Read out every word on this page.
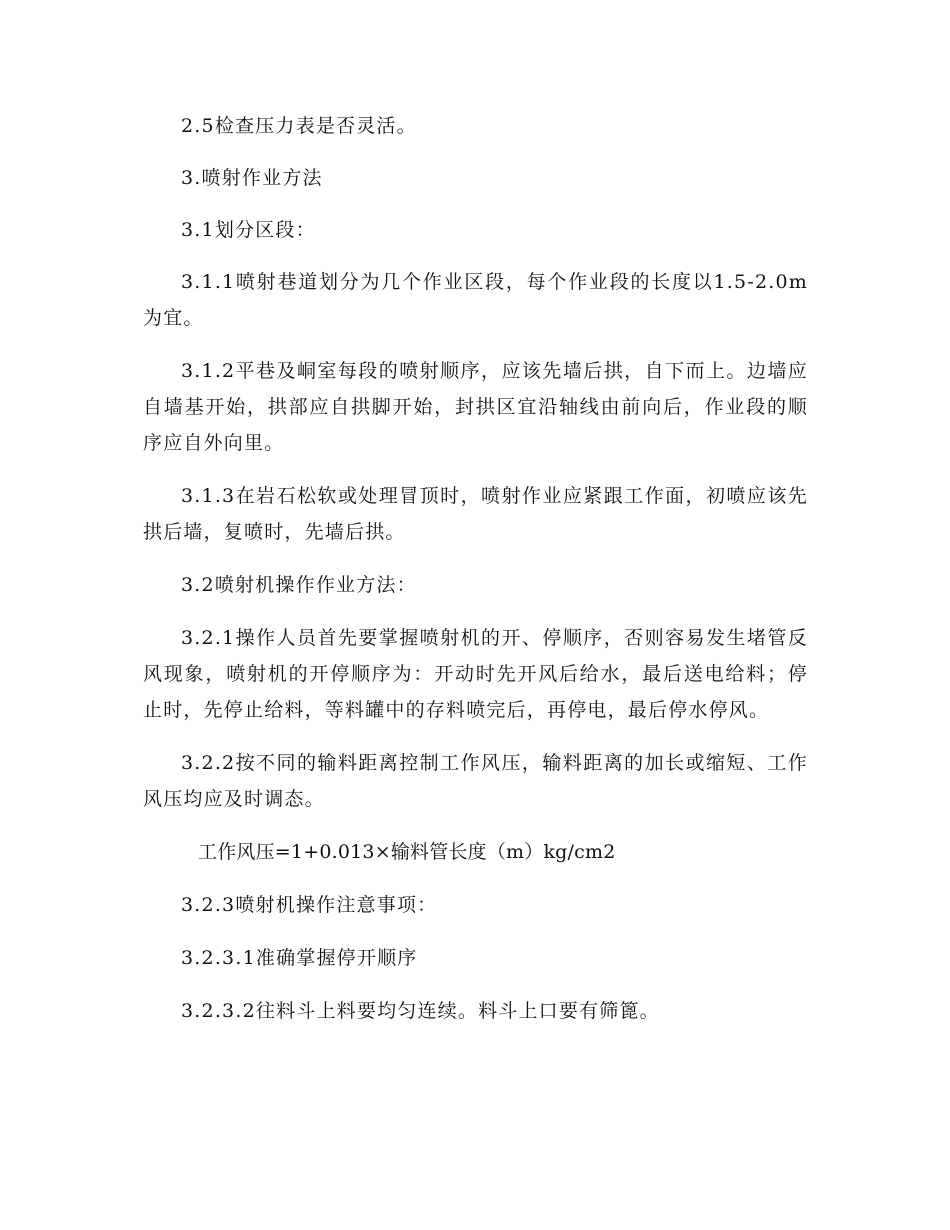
2.5检查压力表是否灵活。

3.喷射作业方法

3.1划分区段：

3.1.1喷射巷道划分为几个作业区段，每个作业段的长度以1.5-2.0m为宜。

3.1.2平巷及峒室每段的喷射顺序，应该先墙后拱，自下而上。边墙应自墙基开始，拱部应自拱脚开始，封拱区宜沿轴线由前向后，作业段的顺序应自外向里。

3.1.3在岩石松软或处理冒顶时，喷射作业应紧跟工作面，初喷应该先拱后墙，复喷时，先墙后拱。

3.2喷射机操作作业方法：

3.2.1操作人员首先要掌握喷射机的开、停顺序，否则容易发生堵管反风现象，喷射机的开停顺序为：开动时先开风后给水，最后送电给料；停止时，先停止给料，等料罐中的存料喷完后，再停电，最后停水停风。

3.2.2按不同的输料距离控制工作风压，输料距离的加长或缩短、工作风压均应及时调态。

工作风压=1+0.013×输料管长度（m）kg/cm2

3.2.3喷射机操作注意事项：

3.2.3.1准确掌握停开顺序

3.2.3.2往料斗上料要均匀连续。料斗上口要有筛篦。
